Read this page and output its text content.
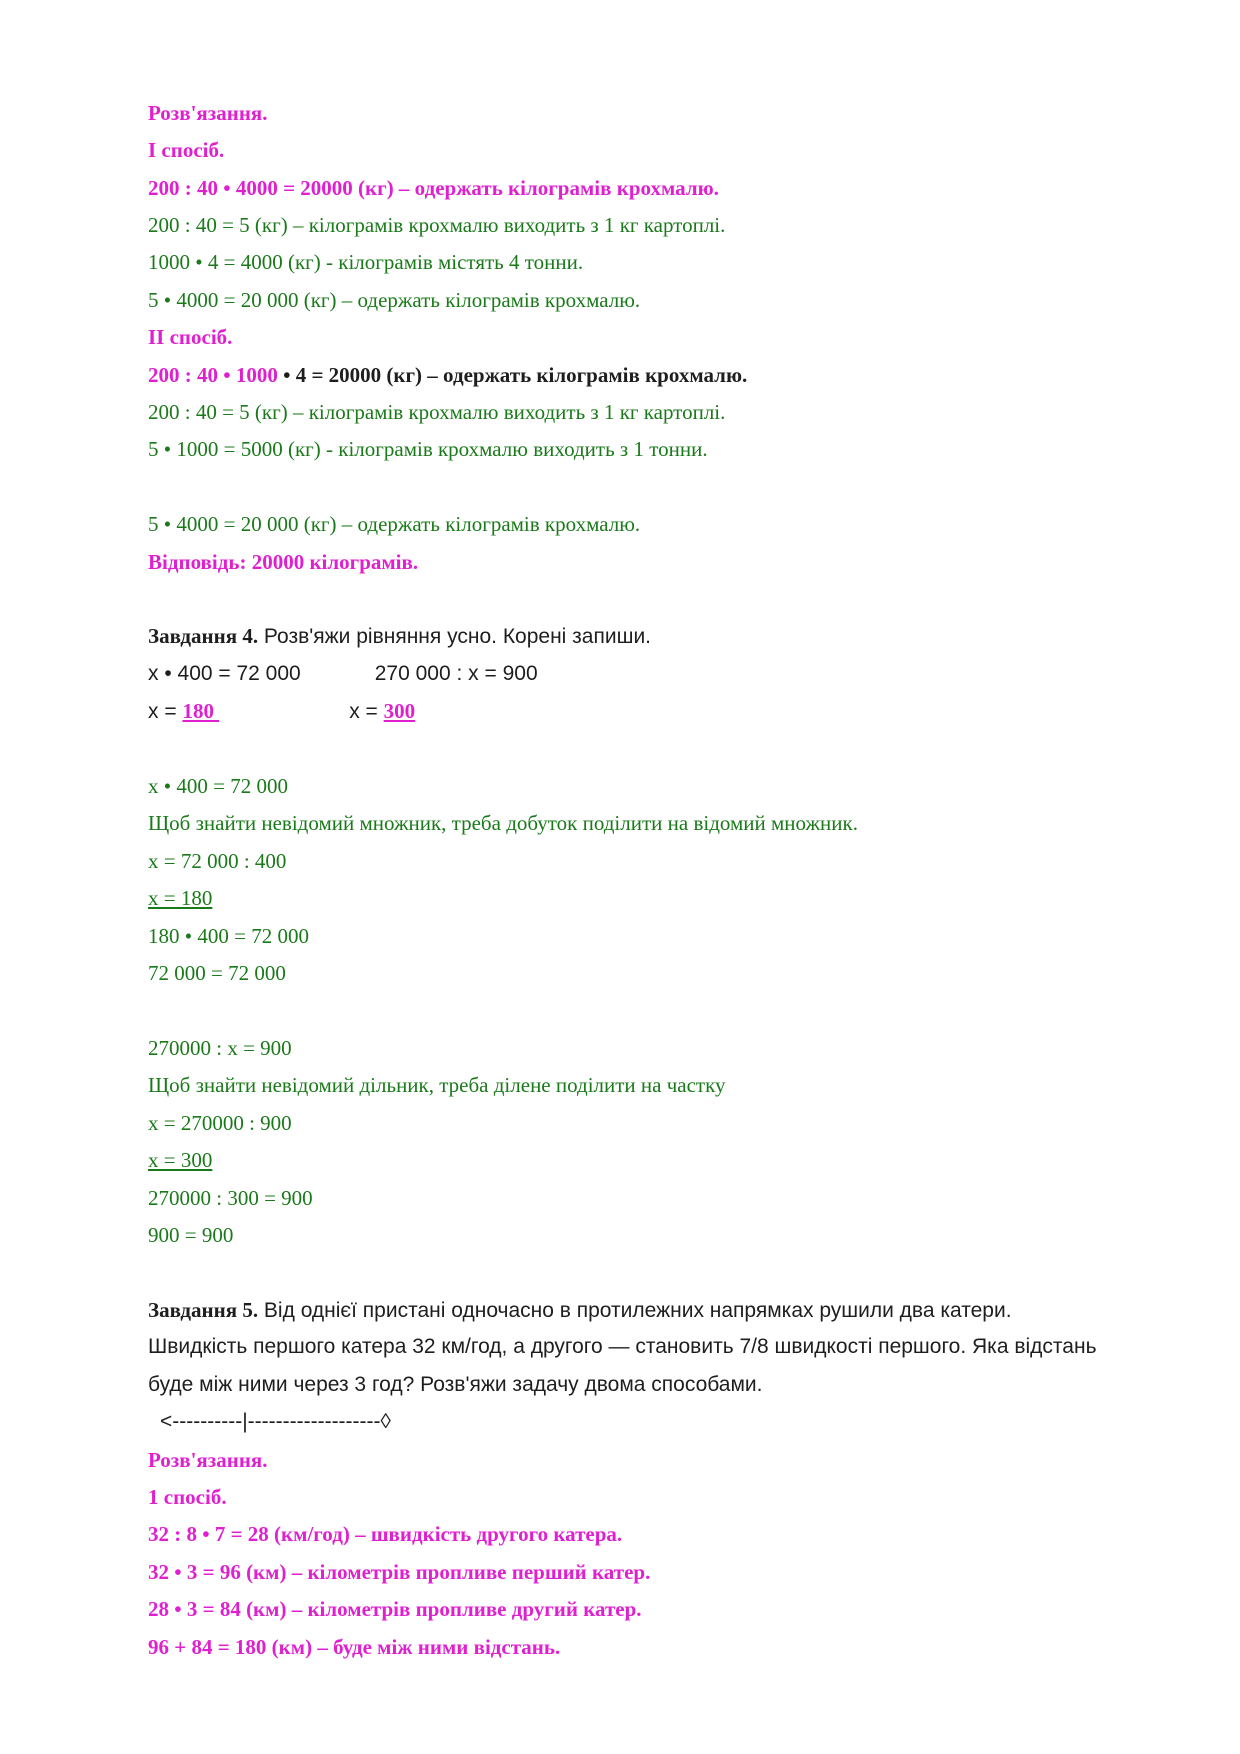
Розв'язання.
I спосіб.
200 : 40 • 4000 = 20000 (кг) – одержать кілограмів крохмалю.
200 : 40 = 5 (кг) – кілограмів крохмалю виходить з 1 кг картоплі.
1000 • 4 = 4000 (кг) - кілограмів містять 4 тонни.
5 • 4000 = 20 000 (кг) – одержать кілограмів крохмалю.
II спосіб.
200 : 40 • 1000 • 4 = 20000 (кг) – одержать кілограмів крохмалю.
200 : 40 = 5 (кг) – кілограмів крохмалю виходить з 1 кг картоплі.
5 • 1000 = 5000 (кг) - кілограмів крохмалю виходить з 1 тонни.
5 • 4000 = 20 000 (кг) – одержать кілограмів крохмалю.
Відповідь: 20000 кілограмів.
Завдання 4. Розв'яжи рівняння усно. Корені запиши.
x • 400 = 72 000	270 000 : x = 900
x = 180	x = 300
x • 400 = 72 000
Щоб знайти невідомий множник, треба добуток поділити на відомий множник.
x = 72 000 : 400
x = 180
180 • 400 = 72 000
72 000 = 72 000
270000 : x = 900
Щоб знайти невідомий дільник, треба ділене поділити на частку
x = 270000 : 900
x = 300
270000 : 300 = 900
900 = 900
Завдання 5. Від однієї пристані одночасно в протилежних напрямках рушили два катери.
Швидкість першого катера 32 км/год, а другого — становить 7/8 швидкості першого. Яка відстань
буде між ними через 3 год? Розв'яжи задачу двома способами.
<----------|-------------------◊
Розв'язання.
1 спосіб.
32 : 8 • 7 = 28 (км/год) – швидкість другого катера.
32 • 3 = 96 (км) – кілометрів пропливе перший катер.
28 • 3 = 84 (км) – кілометрів пропливе другий катер.
96 + 84 = 180 (км) – буде між ними відстань.
